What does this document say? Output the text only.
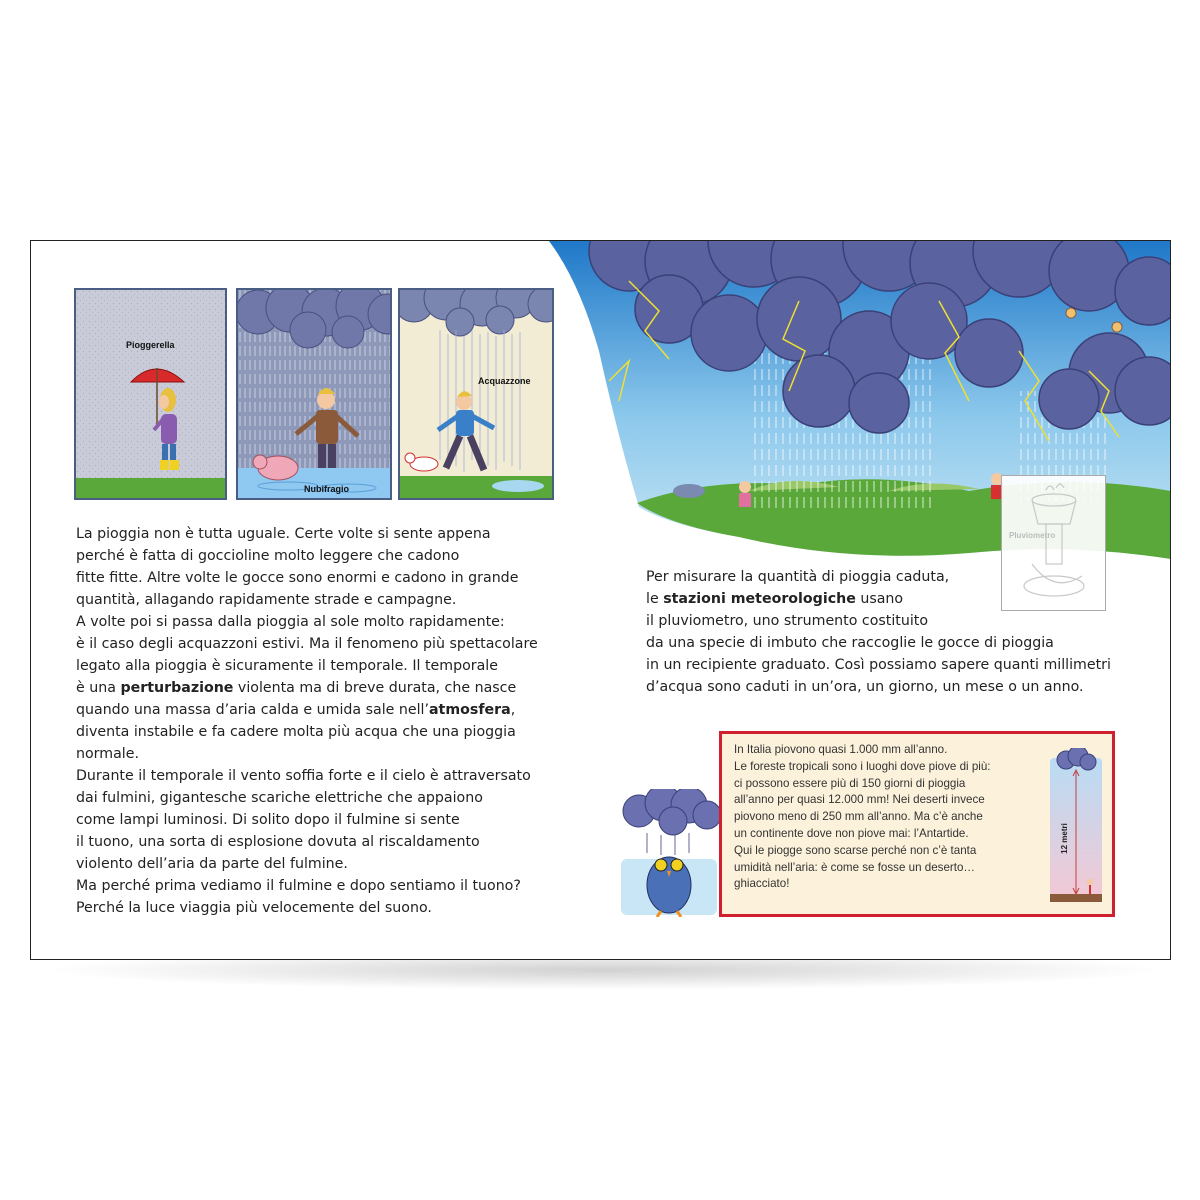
Pioggerella
Nubifragio
Acquazzone

La pioggia non è tutta uguale. Certe volte si sente appena

perché è fatta di goccioline molto leggere che cadono

fitte fitte. Altre volte le gocce sono enormi e cadono in grande

quantità, allagando rapidamente strade e campagne.

A volte poi si passa dalla pioggia al sole molto rapidamente:

è il caso degli acquazzoni estivi. Ma il fenomeno più spettacolare

legato alla pioggia è sicuramente il temporale. Il temporale

è una perturbazione violenta ma di breve durata, che nasce

quando una massa d’aria calda e umida sale nell’atmosfera,

diventa instabile e fa cadere molta più acqua che una pioggia

normale.

Durante il temporale il vento soffia forte e il cielo è attraversato

dai fulmini, gigantesche scariche elettriche che appaiono

come lampi luminosi. Di solito dopo il fulmine si sente

il tuono, una sorta di esplosione dovuta al riscaldamento

violento dell’aria da parte del fulmine.

Ma perché prima vediamo il fulmine e dopo sentiamo il tuono?

Perché la luce viaggia più velocemente del suono.

Pluviometro

Per misurare la quantità di pioggia caduta,

le stazioni meteorologiche usano

il pluviometro, uno strumento costituito

da una specie di imbuto che raccoglie le gocce di pioggia

in un recipiente graduato. Così possiamo sapere quanti millimetri

d’acqua sono caduti in un’ora, un giorno, un mese o un anno.

In Italia piovono quasi 1.000 mm all’anno.

Le foreste tropicali sono i luoghi dove piove di più:

ci possono essere più di 150 giorni di pioggia

all’anno per quasi 12.000 mm! Nei deserti invece

piovono meno di 250 mm all’anno. Ma c’è anche

un continente dove non piove mai: l’Antartide.

Qui le piogge sono scarse perché non c’è tanta

umidità nell’aria: è come se fosse un deserto…

ghiacciato!

12 metri
